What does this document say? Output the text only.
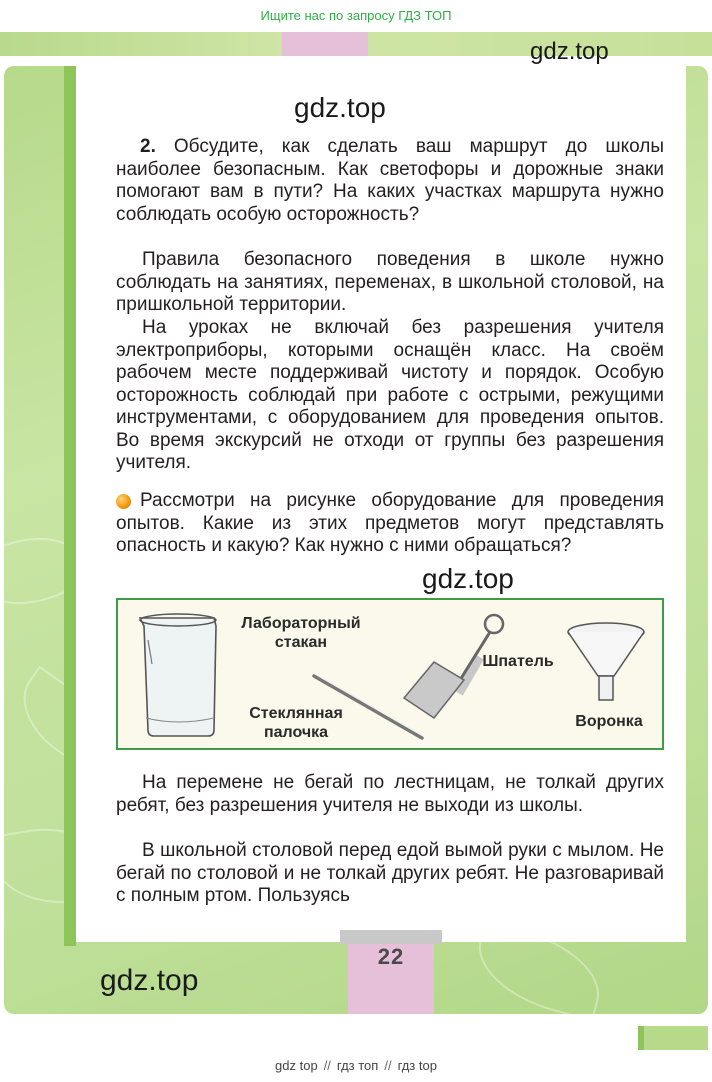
Ищите нас по запросу ГДЗ ТОП
gdz.top
22
gdz.top
2. Обсудите, как сделать ваш маршрут до школы наиболее безопасным. Как светофоры и дорожные знаки помогают вам в пути? На каких участках маршрута нужно соблюдать особую осторожность?
Правила безопасного поведения в школе нужно соблюдать на занятиях, переменах, в школьной столовой, на пришкольной территории.
На уроках не включай без разрешения учителя электроприборы, которыми оснащён класс. На своём рабочем месте поддерживай чистоту и порядок. Особую осторожность соблюдай при работе с острыми, режущими инструментами, с оборудованием для проведения опытов. Во время экскурсий не отходи от группы без разрешения учителя.
Рассмотри на рисунке оборудование для проведения опытов. Какие из этих предметов могут представлять опасность и какую? Как нужно с ними обращаться?
gdz.top
Лабораторный
стакан
Стеклянная
палочка
Шпатель
Воронка
На перемене не бегай по лестницам, не толкай других ребят, без разрешения учителя не выходи из школы.
В школьной столовой перед едой вымой руки с мылом. Не бегай по столовой и не толкай других ребят. Не разговаривай с полным ртом. Пользуясь
gdz.top
gdz top // гдз топ // гдз top
